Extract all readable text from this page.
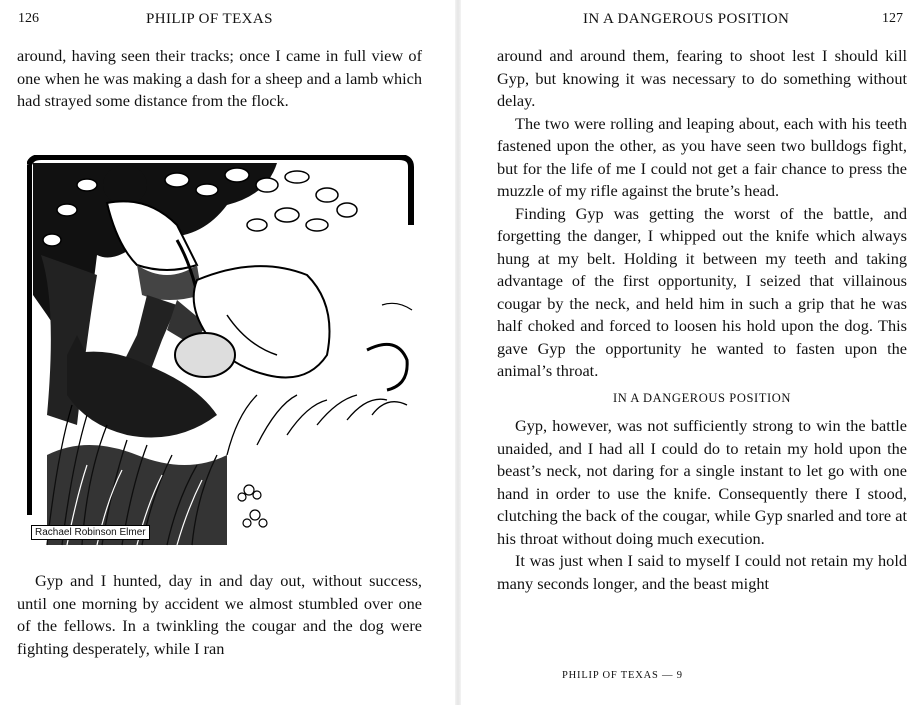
126	PHILIP OF TEXAS

around, having seen their tracks; once I came in full view of one when he was making a dash for a sheep and a lamb which had strayed some distance from the flock.

Rachael Robinson Elmer

Gyp and I hunted, day in and day out, without success, until one morning by accident we almost stumbled over one of the fellows. In a twinkling the cougar and the dog were fighting desperately, while I ran

IN A DANGEROUS POSITION	127

around and around them, fearing to shoot lest I should kill Gyp, but knowing it was necessary to do something without delay.

The two were rolling and leaping about, each with his teeth fastened upon the other, as you have seen two bulldogs fight, but for the life of me I could not get a fair chance to press the muzzle of my rifle against the brute’s head.

Finding Gyp was getting the worst of the battle, and forgetting the danger, I whipped out the knife which always hung at my belt. Holding it between my teeth and taking advantage of the first opportunity, I seized that villainous cougar by the neck, and held him in such a grip that he was half choked and forced to loosen his hold upon the dog. This gave Gyp the opportunity he wanted to fasten upon the animal’s throat.

IN A DANGEROUS POSITION

Gyp, however, was not sufficiently strong to win the battle unaided, and I had all I could do to retain my hold upon the beast’s neck, not daring for a single instant to let go with one hand in order to use the knife. Consequently there I stood, clutching the back of the cougar, while Gyp snarled and tore at his throat without doing much execution.

It was just when I said to myself I could not retain my hold many seconds longer, and the beast might

PHILIP OF TEXAS — 9
